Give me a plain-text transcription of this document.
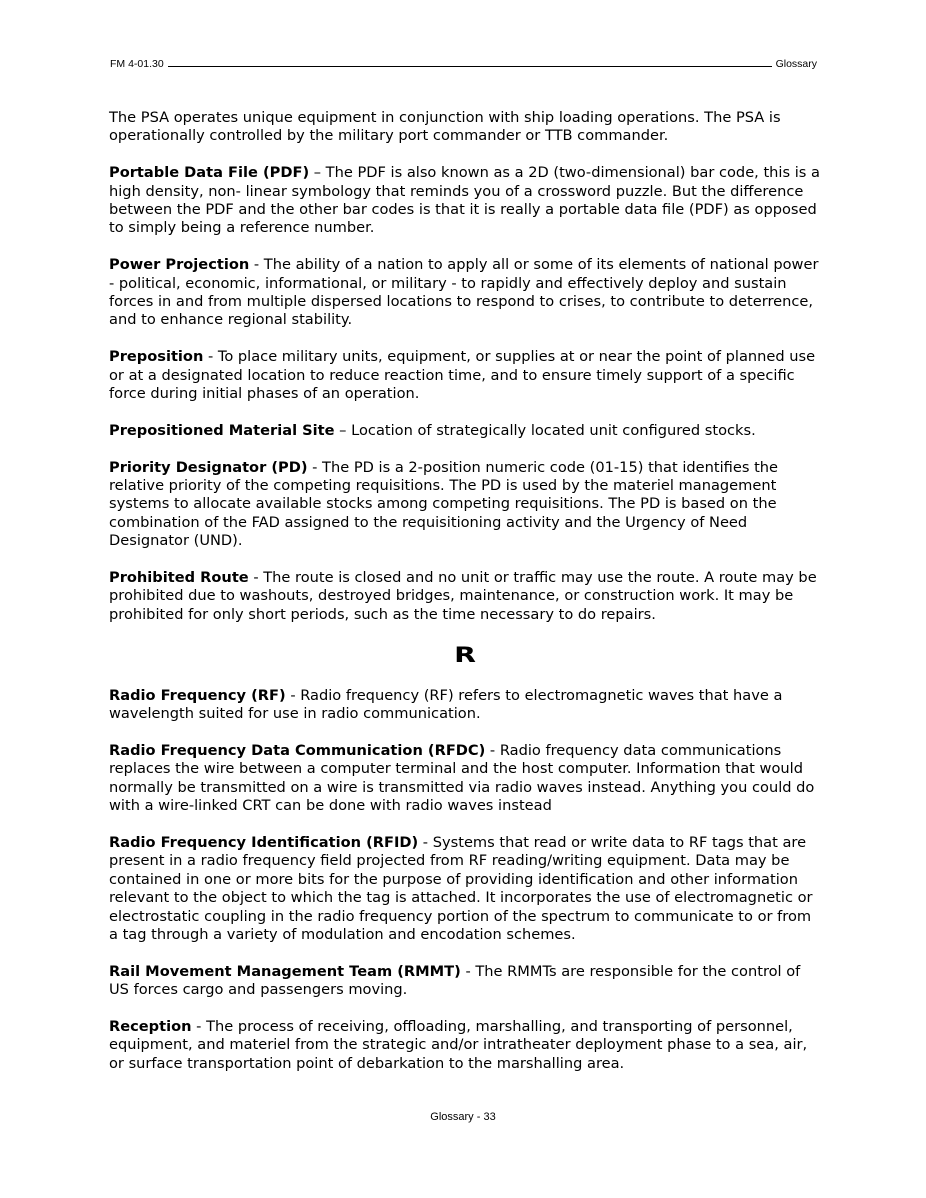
FM 4-01.30	Glossary

The PSA operates unique equipment in conjunction with ship loading operations. The PSA is operationally controlled by the military port commander or TTB commander.

Portable Data File (PDF) – The PDF is also known as a 2D (two-dimensional) bar code, this is a high density, non- linear symbology that reminds you of a crossword puzzle. But the difference between the PDF and the other bar codes is that it is really a portable data file (PDF) as opposed to simply being a reference number.

Power Projection - The ability of a nation to apply all or some of its elements of national power - political, economic, informational, or military - to rapidly and effectively deploy and sustain forces in and from multiple dispersed locations to respond to crises, to contribute to deterrence, and to enhance regional stability.

Preposition - To place military units, equipment, or supplies at or near the point of planned use or at a designated location to reduce reaction time, and to ensure timely support of a specific force during initial phases of an operation.

Prepositioned Material Site – Location of strategically located unit configured stocks.

Priority Designator (PD) - The PD is a 2-position numeric code (01-15) that identifies the relative priority of the competing requisitions. The PD is used by the materiel management systems to allocate available stocks among competing requisitions. The PD is based on the combination of the FAD assigned to the requisitioning activity and the Urgency of Need Designator (UND).

Prohibited Route - The route is closed and no unit or traffic may use the route. A route may be prohibited due to washouts, destroyed bridges, maintenance, or construction work. It may be prohibited for only short periods, such as the time necessary to do repairs.

R

Radio Frequency (RF) - Radio frequency (RF) refers to electromagnetic waves that have a wavelength suited for use in radio communication.

Radio Frequency Data Communication (RFDC) - Radio frequency data communications replaces the wire between a computer terminal and the host computer. Information that would normally be transmitted on a wire is transmitted via radio waves instead. Anything you could do with a wire-linked CRT can be done with radio waves instead

Radio Frequency Identification (RFID) - Systems that read or write data to RF tags that are present in a radio frequency field projected from RF reading/writing equipment. Data may be contained in one or more bits for the purpose of providing identification and other information relevant to the object to which the tag is attached. It incorporates the use of electromagnetic or electrostatic coupling in the radio frequency portion of the spectrum to communicate to or from a tag through a variety of modulation and encodation schemes.

Rail Movement Management Team (RMMT) - The RMMTs are responsible for the control of US forces cargo and passengers moving.

Reception - The process of receiving, offloading, marshalling, and transporting of personnel, equipment, and materiel from the strategic and/or intratheater deployment phase to a sea, air, or surface transportation point of debarkation to the marshalling area.

Glossary - 33
